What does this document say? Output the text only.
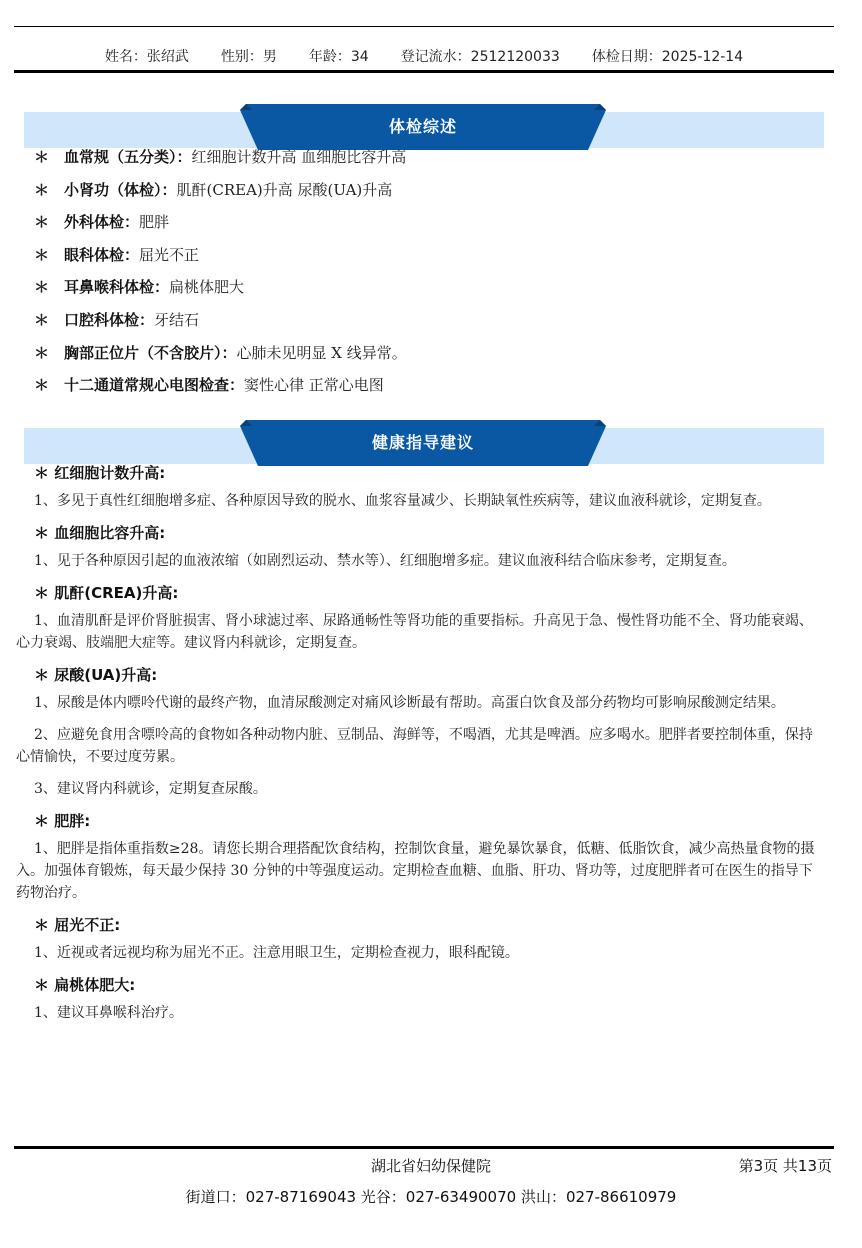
姓名：张绍武 性别：男 年龄：34 登记流水：2512120033 体检日期：2025-12-14
体检综述
＊ 血常规（五分类）：红细胞计数升高 血细胞比容升高
＊ 小肾功（体检）：肌酐(CREA)升高 尿酸(UA)升高
＊ 外科体检：肥胖
＊ 眼科体检：屈光不正
＊ 耳鼻喉科体检：扁桃体肥大
＊ 口腔科体检：牙结石
＊ 胸部正位片（不含胶片）：心肺未见明显 X 线异常。
＊ 十二通道常规心电图检查：窦性心律 正常心电图
健康指导建议
＊ 红细胞计数升高:

1、多见于真性红细胞增多症、各种原因导致的脱水、血浆容量减少、长期缺氧性疾病等，建议血液科就诊，定期复查。

＊ 血细胞比容升高:

1、见于各种原因引起的血液浓缩（如剧烈运动、禁水等）、红细胞增多症。建议血液科结合临床参考，定期复查。

＊ 肌酐(CREA)升高:

1、血清肌酐是评价肾脏损害、肾小球滤过率、尿路通畅性等肾功能的重要指标。升高见于急、慢性肾功能不全、肾功能衰竭、心力衰竭、肢端肥大症等。建议肾内科就诊，定期复查。

＊ 尿酸(UA)升高:

1、尿酸是体内嘌呤代谢的最终产物，血清尿酸测定对痛风诊断最有帮助。高蛋白饮食及部分药物均可影响尿酸测定结果。

2、应避免食用含嘌呤高的食物如各种动物内脏、豆制品、海鲜等，不喝酒，尤其是啤酒。应多喝水。肥胖者要控制体重，保持心情愉快，不要过度劳累。

3、建议肾内科就诊，定期复查尿酸。

＊ 肥胖:

1、肥胖是指体重指数≥28。请您长期合理搭配饮食结构，控制饮食量，避免暴饮暴食，低糖、低脂饮食，减少高热量食物的摄入。加强体育锻炼，每天最少保持 30 分钟的中等强度运动。定期检查血糖、血脂、肝功、肾功等，过度肥胖者可在医生的指导下药物治疗。

＊ 屈光不正:

1、近视或者远视均称为屈光不正。注意用眼卫生，定期检查视力，眼科配镜。

＊ 扁桃体肥大:

1、建议耳鼻喉科治疗。

湖北省妇幼保健院	第3页 共13页
街道口：027-87169043 光谷：027-63490070 洪山：027-86610979
